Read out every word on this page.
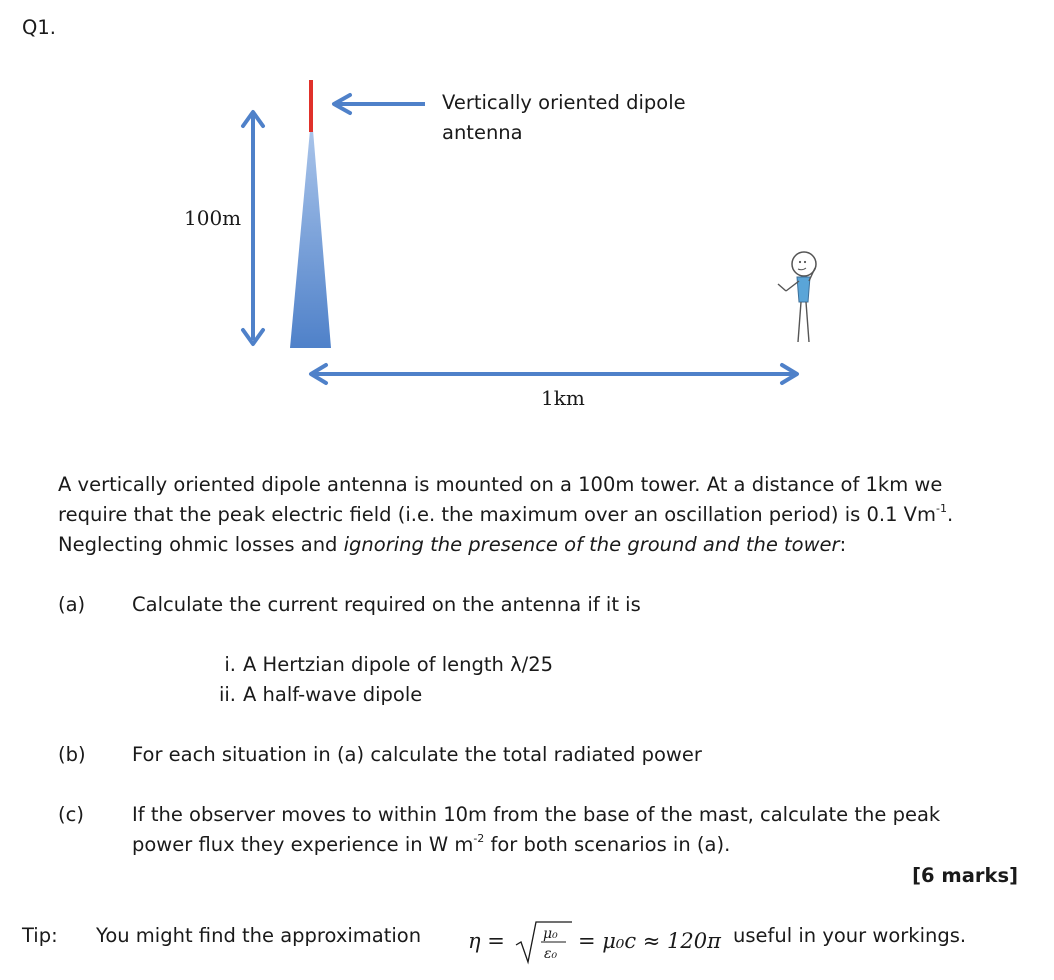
Q1.
Vertically oriented dipole
antenna
100m
1km

A vertically oriented dipole antenna is mounted on a 100m tower. At a distance of 1km we

require that the peak electric field (i.e. the maximum over an oscillation period) is 0.1 $Vm^{-1}$.

Neglecting ohmic losses and ignoring the presence of the ground and the tower:

(a) Calculate the current required on the antenna if it is
i. A Hertzian dipole of length λ/25
ii. A half-wave dipole
(b) For each situation in (a) calculate the total radiated power
(c) If the observer moves to within 10m from the base of the mast, calculate the peak
power flux they experience in W $m^{-2}$ for both scenarios in (a).
[6 marks]
Tip: You might find the approximation η =	μ₀
ε₀
= μ₀c ≈ 120π useful in your workings.
